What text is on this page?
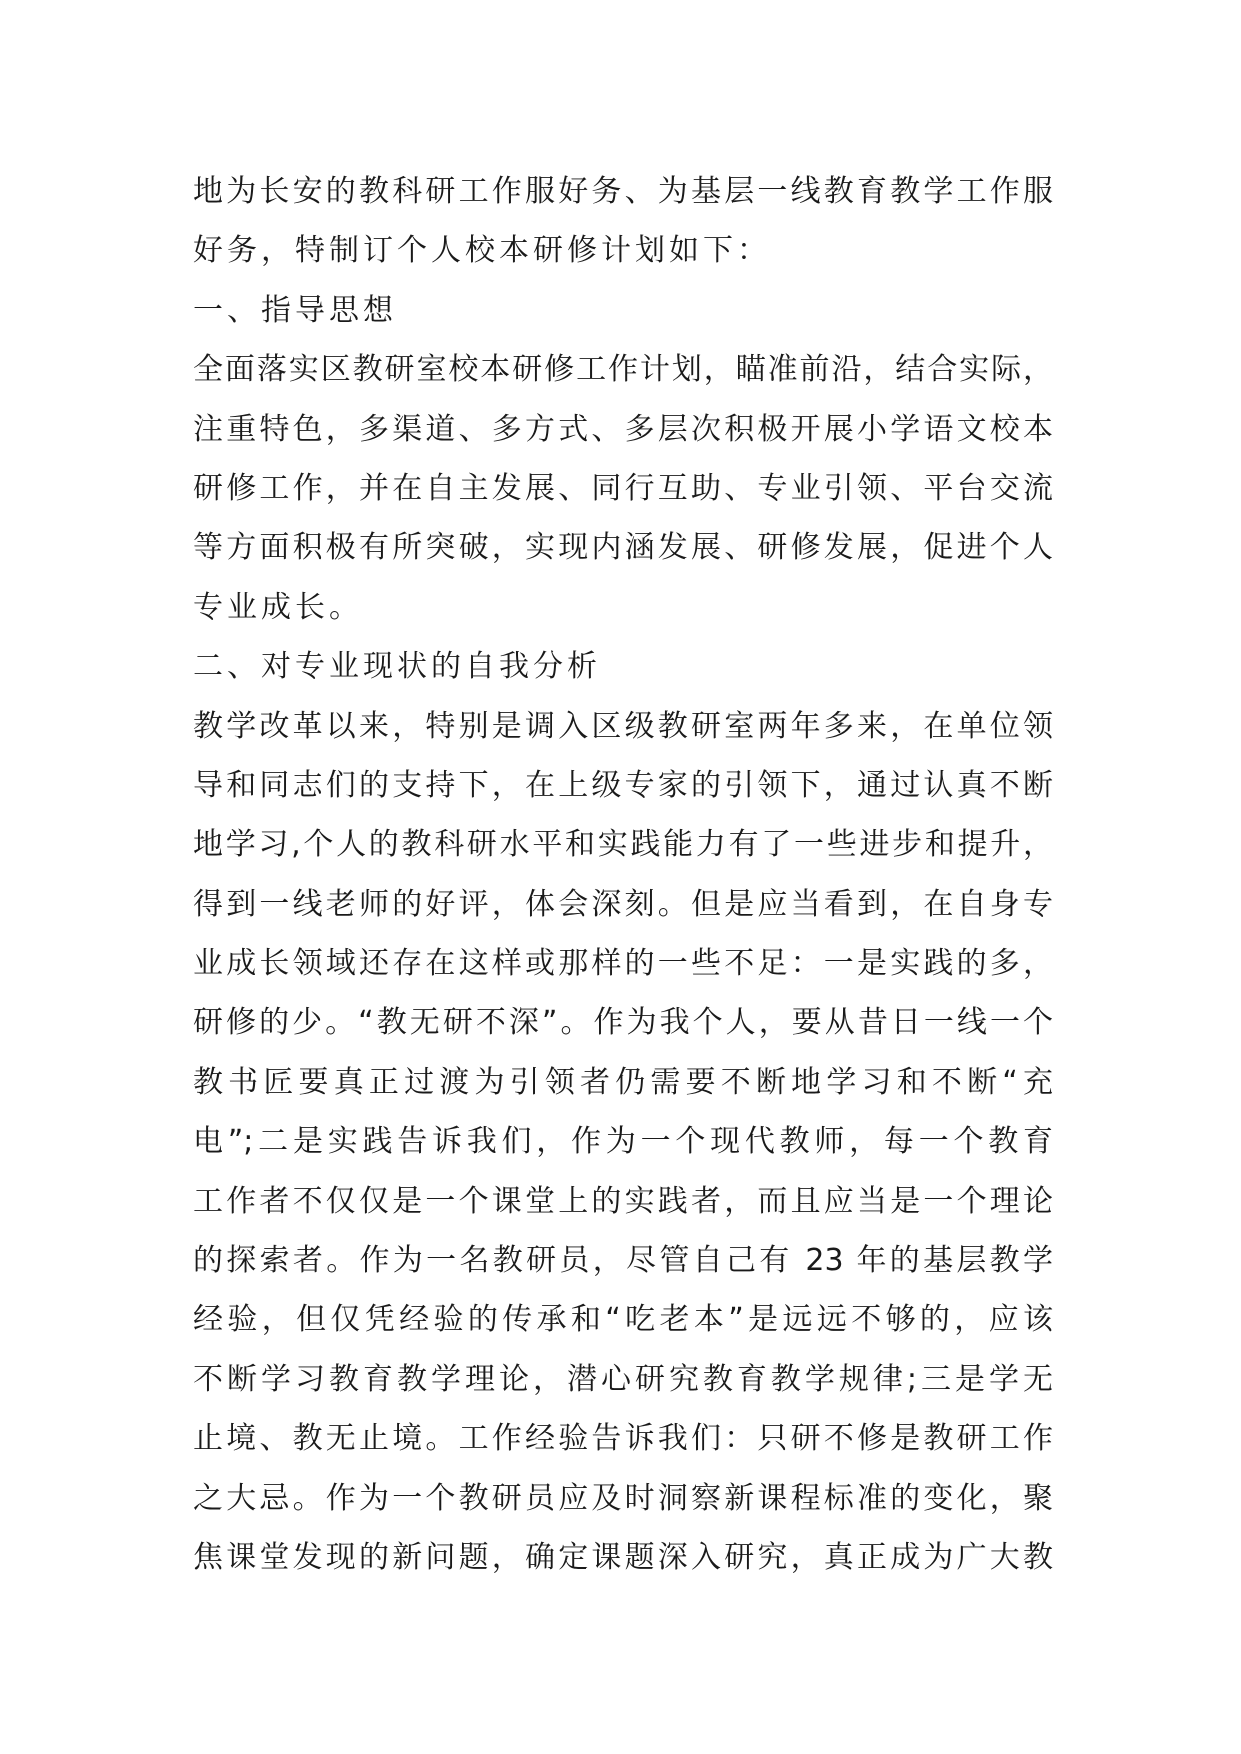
地为长安的教科研工作服好务、为基层一线教育教学工作服
好务，特制订个人校本研修计划如下：
一、指导思想
全面落实区教研室校本研修工作计划，瞄准前沿，结合实际，
注重特色，多渠道、多方式、多层次积极开展小学语文校本
研修工作，并在自主发展、同行互助、专业引领、平台交流
等方面积极有所突破，实现内涵发展、研修发展，促进个人
专业成长。
二、对专业现状的自我分析
教学改革以来，特别是调入区级教研室两年多来，在单位领
导和同志们的支持下，在上级专家的引领下，通过认真不断
地学习,个人的教科研水平和实践能力有了一些进步和提升，
得到一线老师的好评，体会深刻。但是应当看到，在自身专
业成长领域还存在这样或那样的一些不足：一是实践的多，
研修的少。“教无研不深”。作为我个人，要从昔日一线一个
教书匠要真正过渡为引领者仍需要不断地学习和不断“充
电”;二是实践告诉我们，作为一个现代教师，每一个教育
工作者不仅仅是一个课堂上的实践者，而且应当是一个理论
的探索者。作为一名教研员，尽管自己有 23 年的基层教学
经验，但仅凭经验的传承和“吃老本”是远远不够的，应该
不断学习教育教学理论，潜心研究教育教学规律;三是学无
止境、教无止境。工作经验告诉我们：只研不修是教研工作
之大忌。作为一个教研员应及时洞察新课程标准的变化，聚
焦课堂发现的新问题，确定课题深入研究，真正成为广大教
